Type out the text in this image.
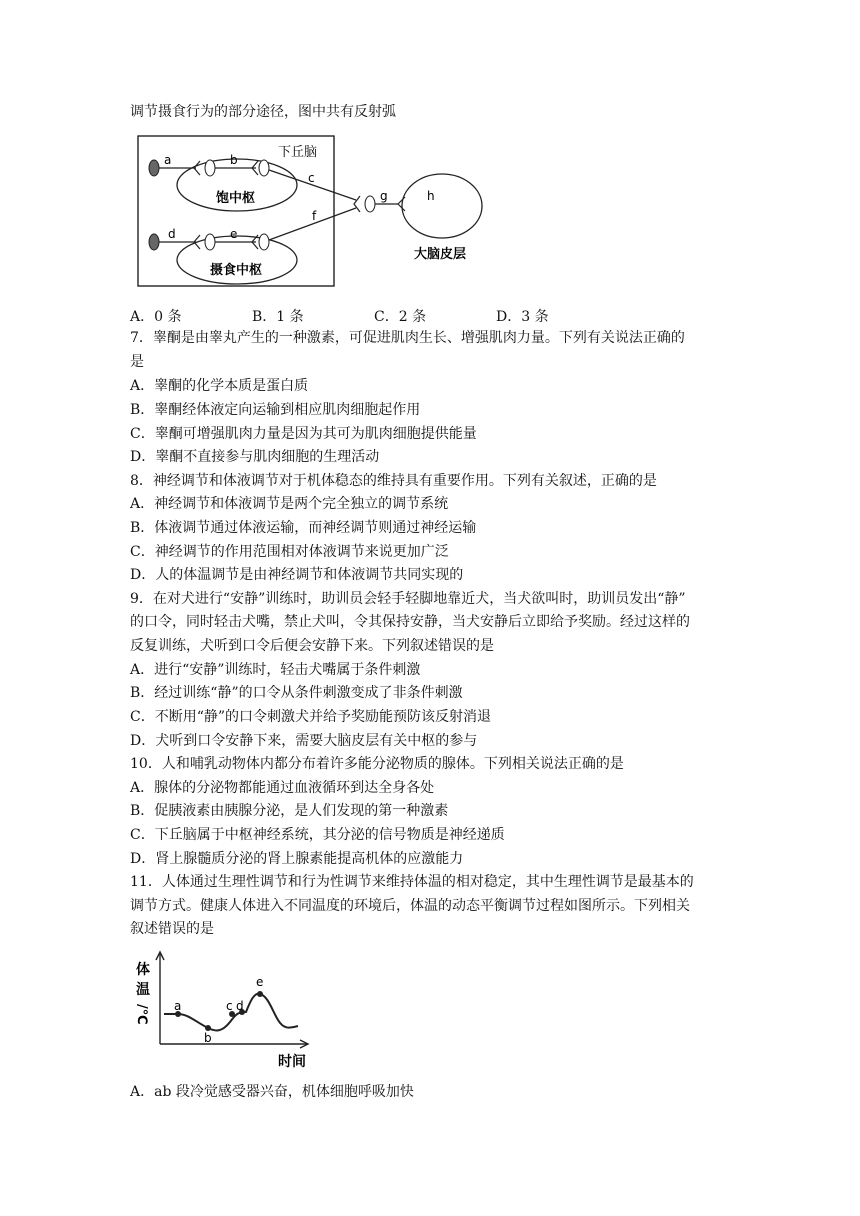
调节摄食行为的部分途径，图中共有反射弧
下丘脑
饱中枢
摄食中枢
a	b
d	e
c
f
g	h
大脑皮层
A．0 条	B．1 条	C．2 条	D．3 条
7．睾酮是由睾丸产生的一种激素，可促进肌肉生长、增强肌肉力量。下列有关说法正确的
是
A．睾酮的化学本质是蛋白质
B．睾酮经体液定向运输到相应肌肉细胞起作用
C．睾酮可增强肌肉力量是因为其可为肌肉细胞提供能量
D．睾酮不直接参与肌肉细胞的生理活动
8．神经调节和体液调节对于机体稳态的维持具有重要作用。下列有关叙述，正确的是
A．神经调节和体液调节是两个完全独立的调节系统
B．体液调节通过体液运输，而神经调节则通过神经运输
C．神经调节的作用范围相对体液调节来说更加广泛
D．人的体温调节是由神经调节和体液调节共同实现的
9．在对犬进行“安静”训练时，助训员会轻手轻脚地靠近犬，当犬欲叫时，助训员发出“静”
的口令，同时轻击犬嘴，禁止犬叫，令其保持安静，当犬安静后立即给予奖励。经过这样的
反复训练，犬听到口令后便会安静下来。下列叙述错误的是
A．进行“安静”训练时，轻击犬嘴属于条件刺激
B．经过训练“静”的口令从条件刺激变成了非条件刺激
C．不断用“静”的口令刺激犬并给予奖励能预防该反射消退
D．犬听到口令安静下来，需要大脑皮层有关中枢的参与
10．人和哺乳动物体内都分布着许多能分泌物质的腺体。下列相关说法正确的是
A．腺体的分泌物都能通过血液循环到达全身各处
B．促胰液素由胰腺分泌，是人们发现的第一种激素
C．下丘脑属于中枢神经系统，其分泌的信号物质是神经递质
D．肾上腺髓质分泌的肾上腺素能提高机体的应激能力
11．人体通过生理性调节和行为性调节来维持体温的相对稳定，其中生理性调节是最基本的
调节方式。健康人体进入不同温度的环境后，体温的动态平衡调节过程如图所示。下列相关
叙述错误的是
体
温
/℃ a
b
c d
e
时间
A．ab 段冷觉感受器兴奋，机体细胞呼吸加快
